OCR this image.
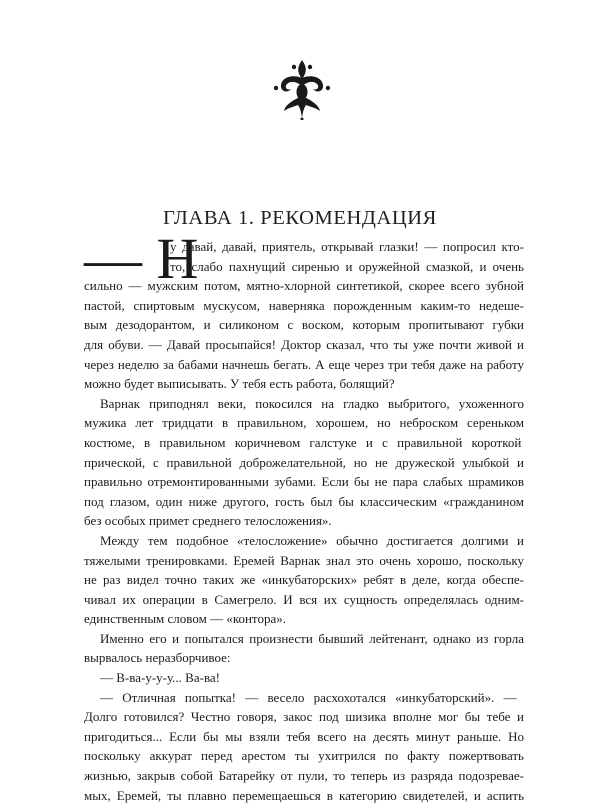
ГЛАВА 1. РЕКОМЕНДАЦИЯ
— Н
у давай, давай, приятель, открывай глазки! — попросил кто-
то, слабо пахнущий сиренью и оружейной смазкой, и очень
сильно — мужским потом, мятно-хлорной синтетикой, скорее всего зубной
пастой, спиртовым мускусом, наверняка порожденным каким-то недеше-
вым дезодорантом, и силиконом с воском, которым пропитывают губки
для обуви. — Давай просыпайся! Доктор сказал, что ты уже почти живой и
через неделю за бабами начнешь бегать. А еще через три тебя даже на работу
можно будет выписывать. У тебя есть работа, болящий?
Варнак приподнял веки, покосился на гладко выбритого, ухоженного
мужика лет тридцати в правильном, хорошем, но неброском сереньком
костюме, в правильном коричневом галстуке и с правильной короткой
прической, с правильной доброжелательной, но не дружеской улыбкой и
правильно отремонтированными зубами. Если бы не пара слабых шрамиков
под глазом, один ниже другого, гость был бы классическим «гражданином
без особых примет среднего телосложения».
Между тем подобное «телосложение» обычно достигается долгими и
тяжелыми тренировками. Еремей Варнак знал это очень хорошо, поскольку
не раз видел точно таких же «инкубаторских» ребят в деле, когда обеспе-
чивал их операции в Самегрело. И вся их сущность определялась одним-
единственным словом — «контора».
Именно его и попытался произнести бывший лейтенант, однако из горла
вырвалось неразборчивое:
— В-ва-у-у-у... Ва-ва!
— Отличная попытка! — весело расхохотался «инкубаторский». —
Долго готовился? Честно говоря, закос под шизика вполне мог бы тебе и
пригодиться... Если бы мы взяли тебя всего на десять минут раньше. Но
поскольку аккурат перед арестом ты ухитрился по факту пожертвовать
жизнью, закрыв собой Батарейку от пули, то теперь из разряда подозревае-
мых, Еремей, ты плавно перемещаешься в категорию свидетелей, и аспить
